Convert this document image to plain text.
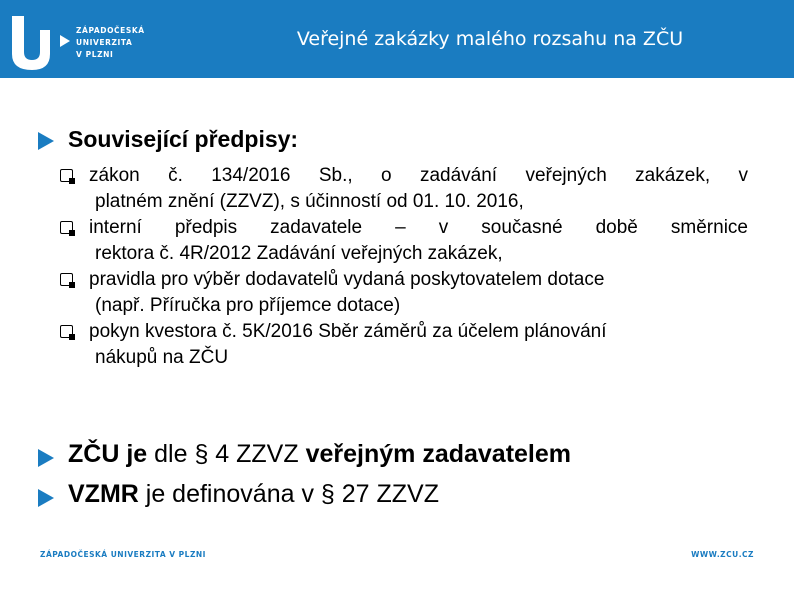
ZÁPADOČESKÁ
UNIVERZITA
V PLZNI
Veřejné zakázky malého rozsahu na ZČU
Související předpisy:
zákon č. 134/2016 Sb., o zadávání veřejných zakázek, v
platném znění (ZZVZ), s účinností od 01. 10. 2016,
interní předpis zadavatele – v současné době směrnice
rektora č. 4R/2012 Zadávání veřejných zakázek,
pravidla pro výběr dodavatelů vydaná poskytovatelem dotace
(např. Příručka pro příjemce dotace)
pokyn kvestora č. 5K/2016 Sběr záměrů za účelem plánování
nákupů na ZČU
ZČU je dle § 4 ZZVZ veřejným zadavatelem
VZMR je definována v § 27 ZZVZ
ZÁPADOČESKÁ UNIVERZITA V PLZNI	WWW.ZCU.CZ
